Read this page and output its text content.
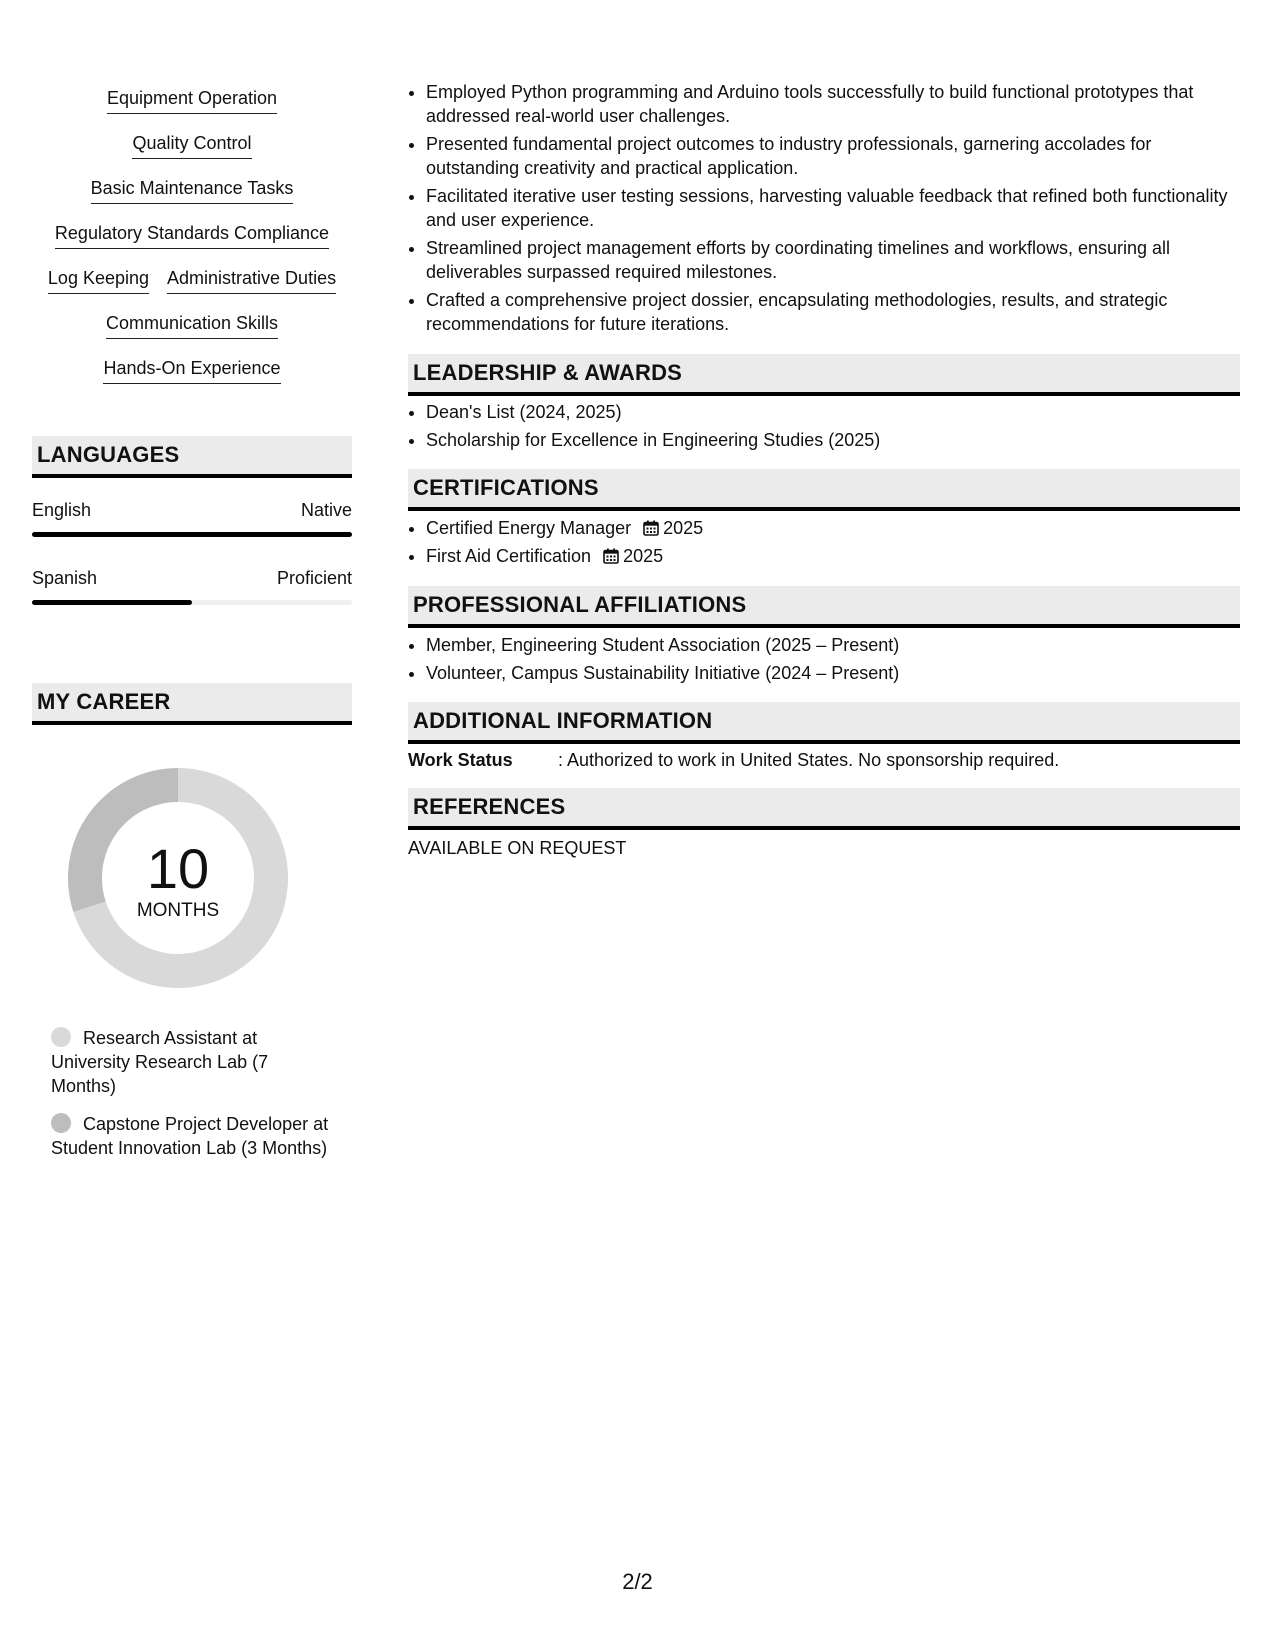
Equipment Operation
Quality Control
Basic Maintenance Tasks
Regulatory Standards Compliance
Log Keeping Administrative Duties
Communication Skills
Hands-On Experience
LANGUAGES
English	Native
Spanish	Proficient
MY CAREER
10
MONTHS
Research Assistant at University Research Lab (7 Months)
Capstone Project Developer at Student Innovation Lab (3 Months)
• Employed Python programming and Arduino tools successfully to build functional prototypes that addressed real-world user challenges.
• Presented fundamental project outcomes to industry professionals, garnering accolades for outstanding creativity and practical application.
• Facilitated iterative user testing sessions, harvesting valuable feedback that refined both functionality and user experience.
• Streamlined project management efforts by coordinating timelines and workflows, ensuring all deliverables surpassed required milestones.
• Crafted a comprehensive project dossier, encapsulating methodologies, results, and strategic recommendations for future iterations.
LEADERSHIP & AWARDS
• Dean's List (2024, 2025)
• Scholarship for Excellence in Engineering Studies (2025)
CERTIFICATIONS
• Certified Energy Manager 2025
• First Aid Certification 2025
PROFESSIONAL AFFILIATIONS
• Member, Engineering Student Association (2025 – Present)
• Volunteer, Campus Sustainability Initiative (2024 – Present)
ADDITIONAL INFORMATION
Work Status	: Authorized to work in United States. No sponsorship required.
REFERENCES
AVAILABLE ON REQUEST
2/2
